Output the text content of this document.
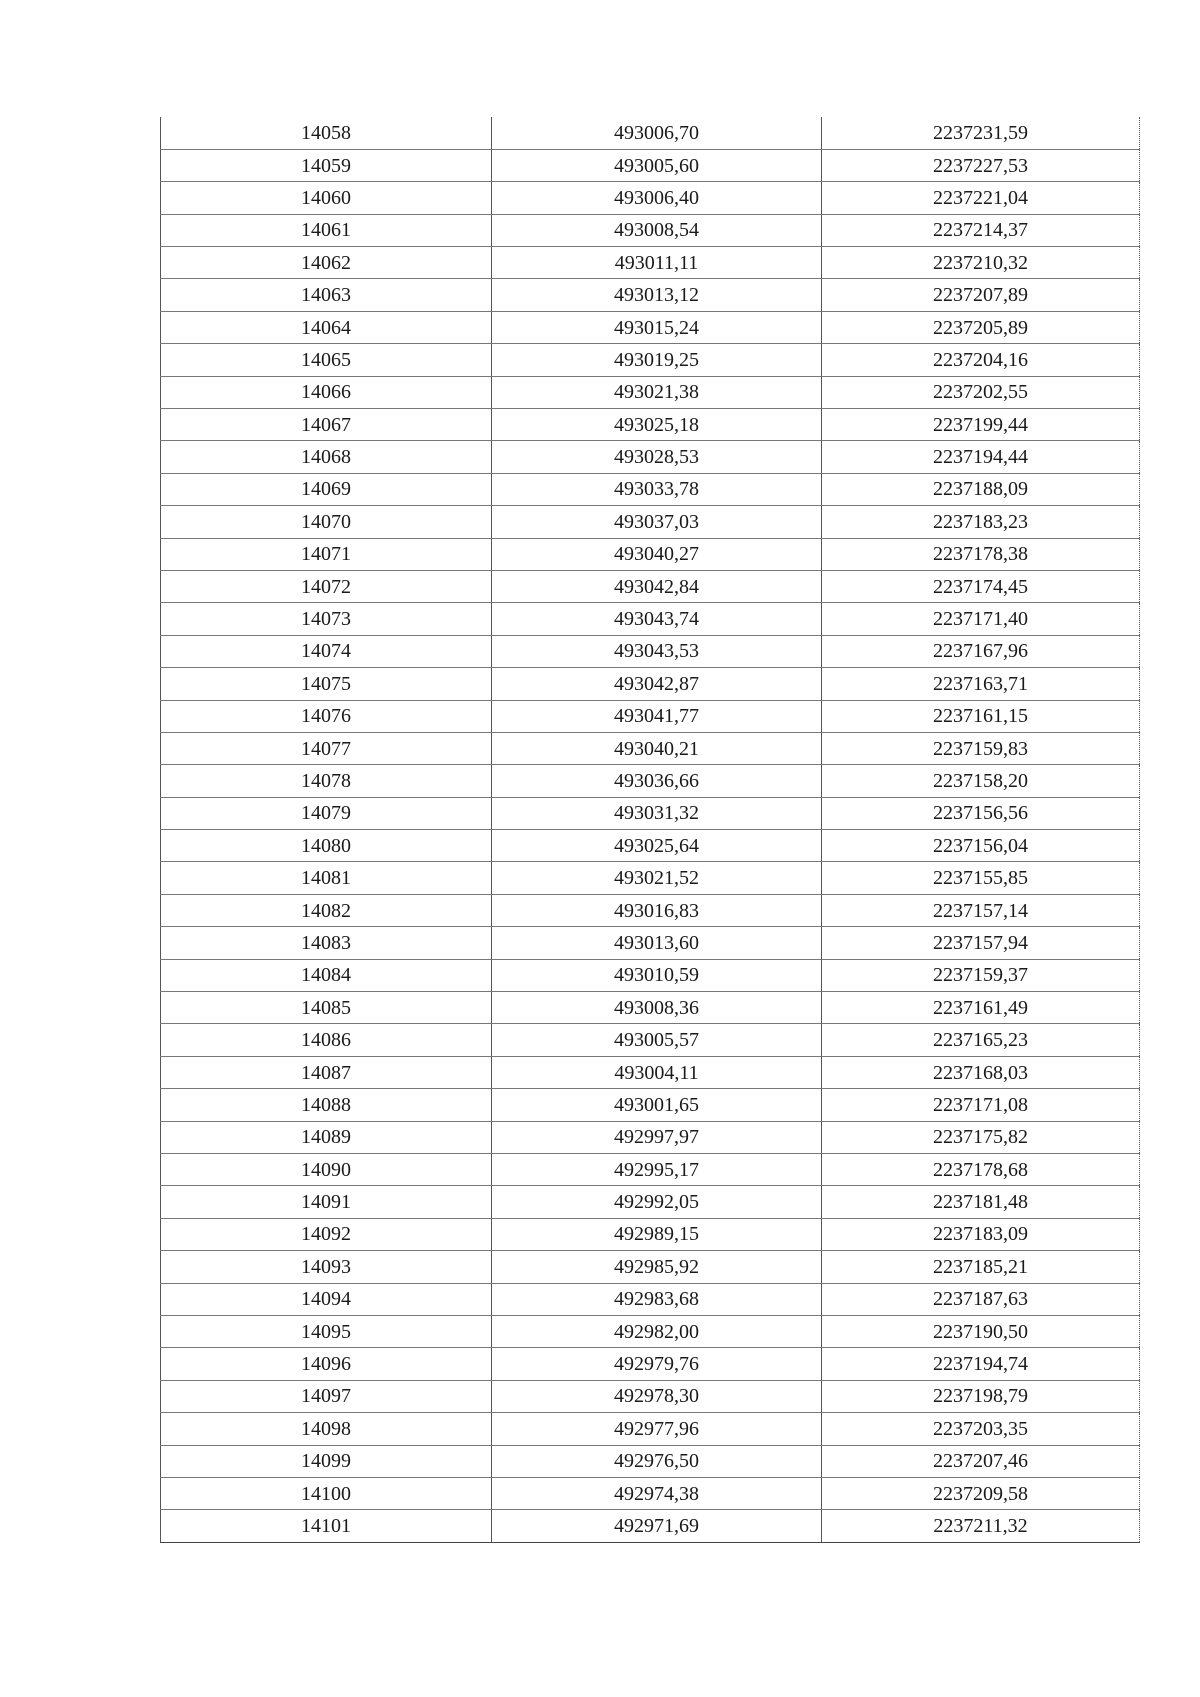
14058	493006,70	2237231,59
14059	493005,60	2237227,53
14060	493006,40	2237221,04
14061	493008,54	2237214,37
14062	493011,11	2237210,32
14063	493013,12	2237207,89
14064	493015,24	2237205,89
14065	493019,25	2237204,16
14066	493021,38	2237202,55
14067	493025,18	2237199,44
14068	493028,53	2237194,44
14069	493033,78	2237188,09
14070	493037,03	2237183,23
14071	493040,27	2237178,38
14072	493042,84	2237174,45
14073	493043,74	2237171,40
14074	493043,53	2237167,96
14075	493042,87	2237163,71
14076	493041,77	2237161,15
14077	493040,21	2237159,83
14078	493036,66	2237158,20
14079	493031,32	2237156,56
14080	493025,64	2237156,04
14081	493021,52	2237155,85
14082	493016,83	2237157,14
14083	493013,60	2237157,94
14084	493010,59	2237159,37
14085	493008,36	2237161,49
14086	493005,57	2237165,23
14087	493004,11	2237168,03
14088	493001,65	2237171,08
14089	492997,97	2237175,82
14090	492995,17	2237178,68
14091	492992,05	2237181,48
14092	492989,15	2237183,09
14093	492985,92	2237185,21
14094	492983,68	2237187,63
14095	492982,00	2237190,50
14096	492979,76	2237194,74
14097	492978,30	2237198,79
14098	492977,96	2237203,35
14099	492976,50	2237207,46
14100	492974,38	2237209,58
14101	492971,69	2237211,32
